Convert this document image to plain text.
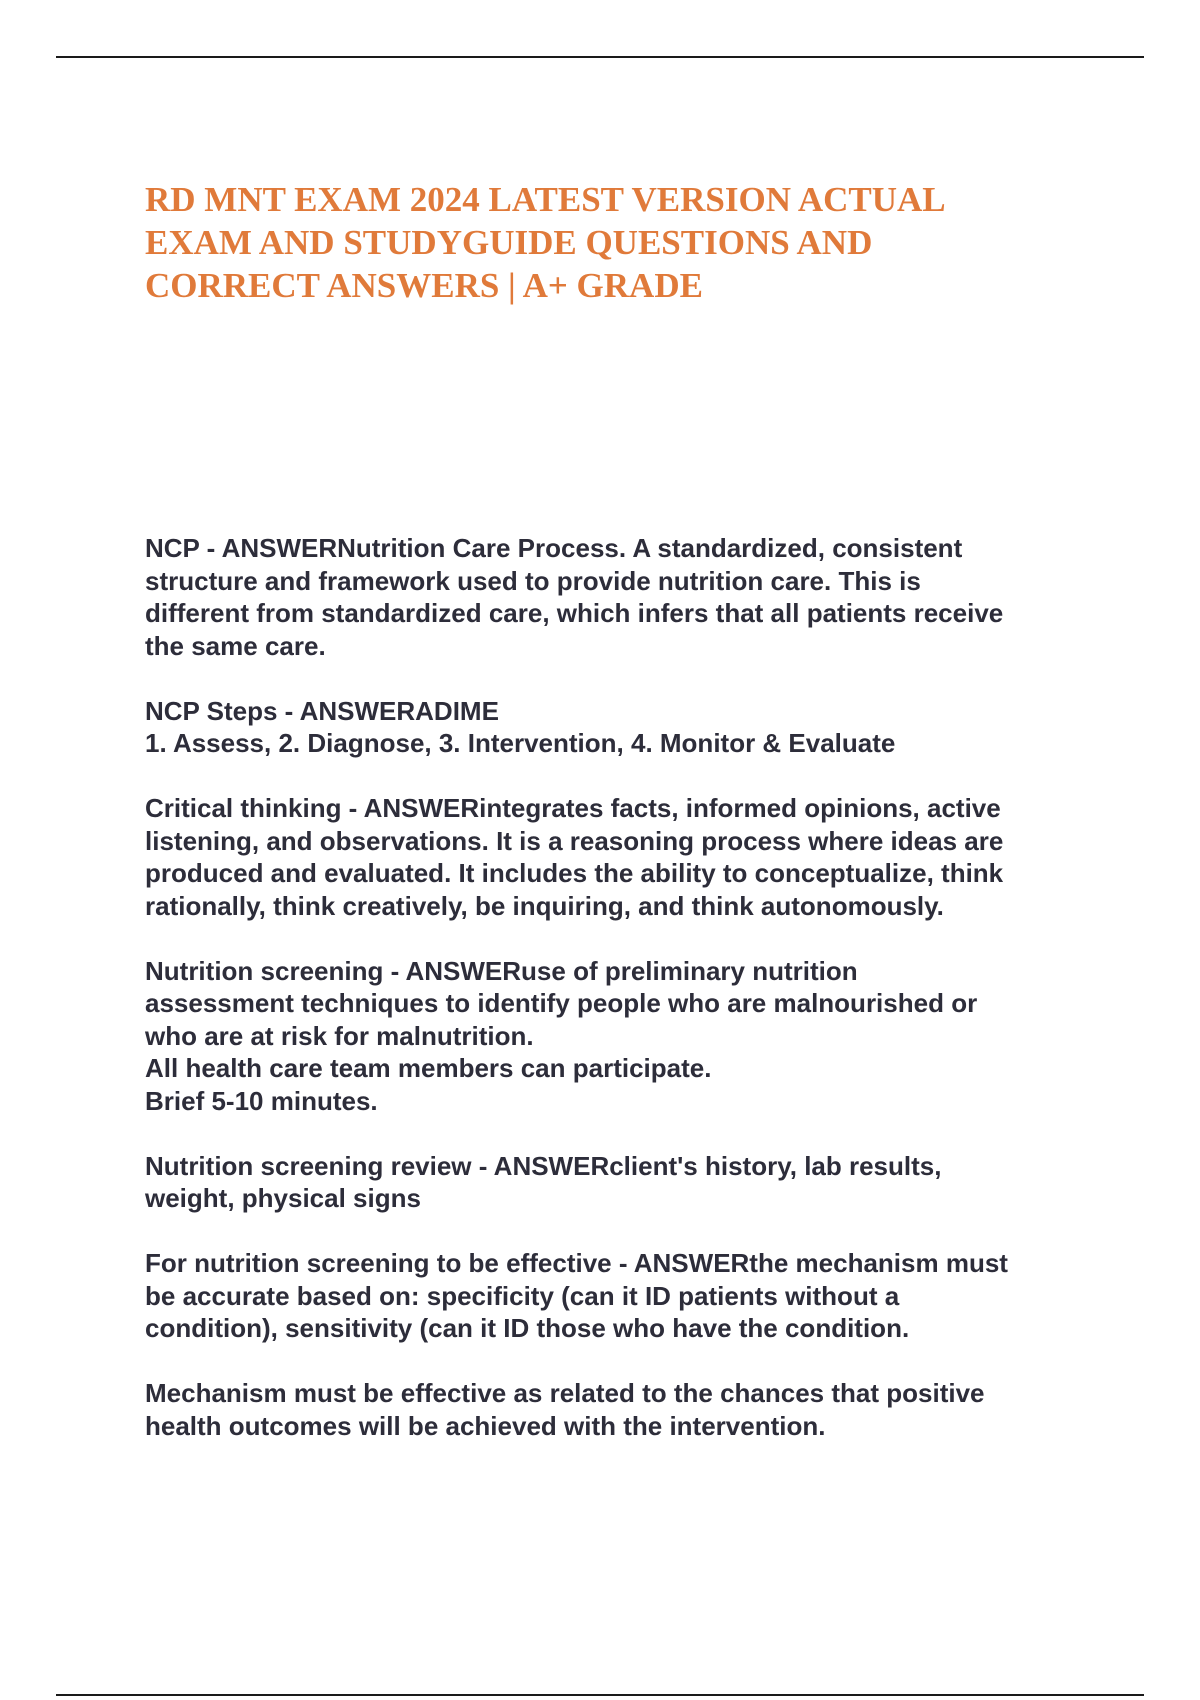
RD MNT EXAM 2024 LATEST VERSION ACTUAL
EXAM AND STUDYGUIDE QUESTIONS AND
CORRECT ANSWERS | A+ GRADE

NCP - ANSWERNutrition Care Process. A standardized, consistent
structure and framework used to provide nutrition care. This is
different from standardized care, which infers that all patients receive
the same care.

NCP Steps - ANSWERADIME
1. Assess, 2. Diagnose, 3. Intervention, 4. Monitor & Evaluate

Critical thinking - ANSWERintegrates facts, informed opinions, active
listening, and observations. It is a reasoning process where ideas are
produced and evaluated. It includes the ability to conceptualize, think
rationally, think creatively, be inquiring, and think autonomously.

Nutrition screening - ANSWERuse of preliminary nutrition
assessment techniques to identify people who are malnourished or
who are at risk for malnutrition.
All health care team members can participate.
Brief 5-10 minutes.

Nutrition screening review - ANSWERclient's history, lab results,
weight, physical signs

For nutrition screening to be effective - ANSWERthe mechanism must
be accurate based on: specificity (can it ID patients without a
condition), sensitivity (can it ID those who have the condition.

Mechanism must be effective as related to the chances that positive
health outcomes will be achieved with the intervention.
